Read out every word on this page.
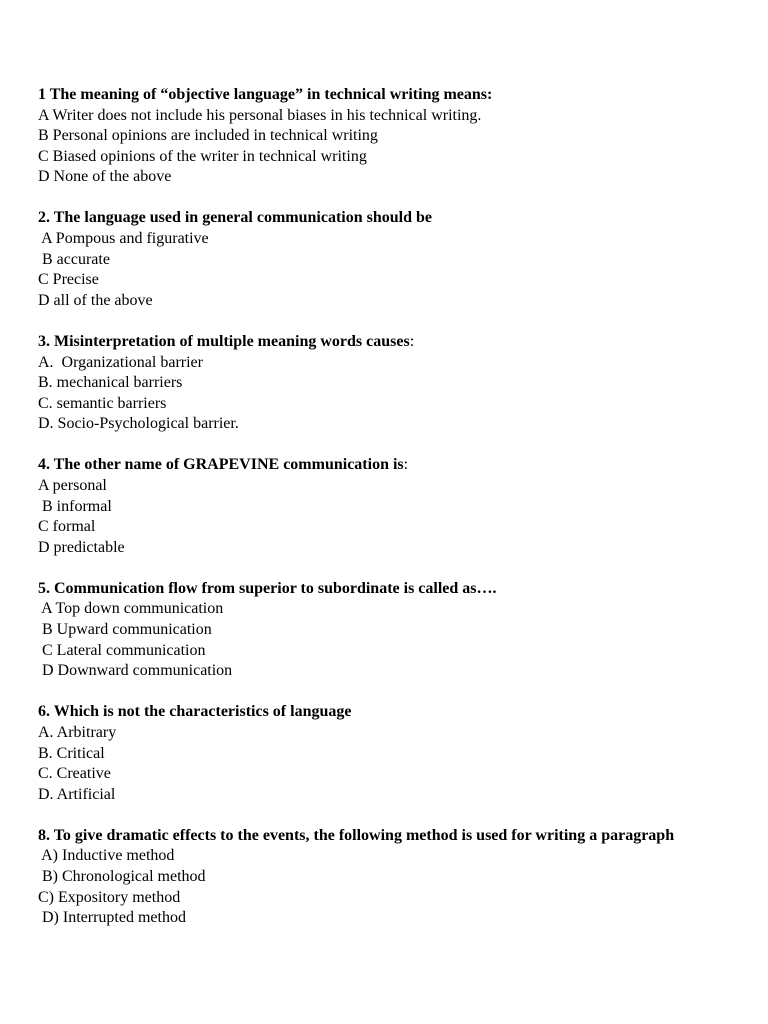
1 The meaning of “objective language” in technical writing means:

A Writer does not include his personal biases in his technical writing.

B Personal opinions are included in technical writing

C Biased opinions of the writer in technical writing

D None of the above

2. The language used in general communication should be

A Pompous and figurative

B accurate

C Precise

D all of the above

3. Misinterpretation of multiple meaning words causes:

A.  Organizational barrier

B. mechanical barriers

C. semantic barriers

D. Socio-Psychological barrier.

4. The other name of GRAPEVINE communication is:

A personal

B informal

C formal

D predictable

5. Communication flow from superior to subordinate is called as….

A Top down communication

B Upward communication

C Lateral communication

D Downward communication

6. Which is not the characteristics of language

A. Arbitrary

B. Critical

C. Creative

D. Artificial

8. To give dramatic effects to the events, the following method is used for writing a paragraph

A) Inductive method

B) Chronological method

C) Expository method

D) Interrupted method
